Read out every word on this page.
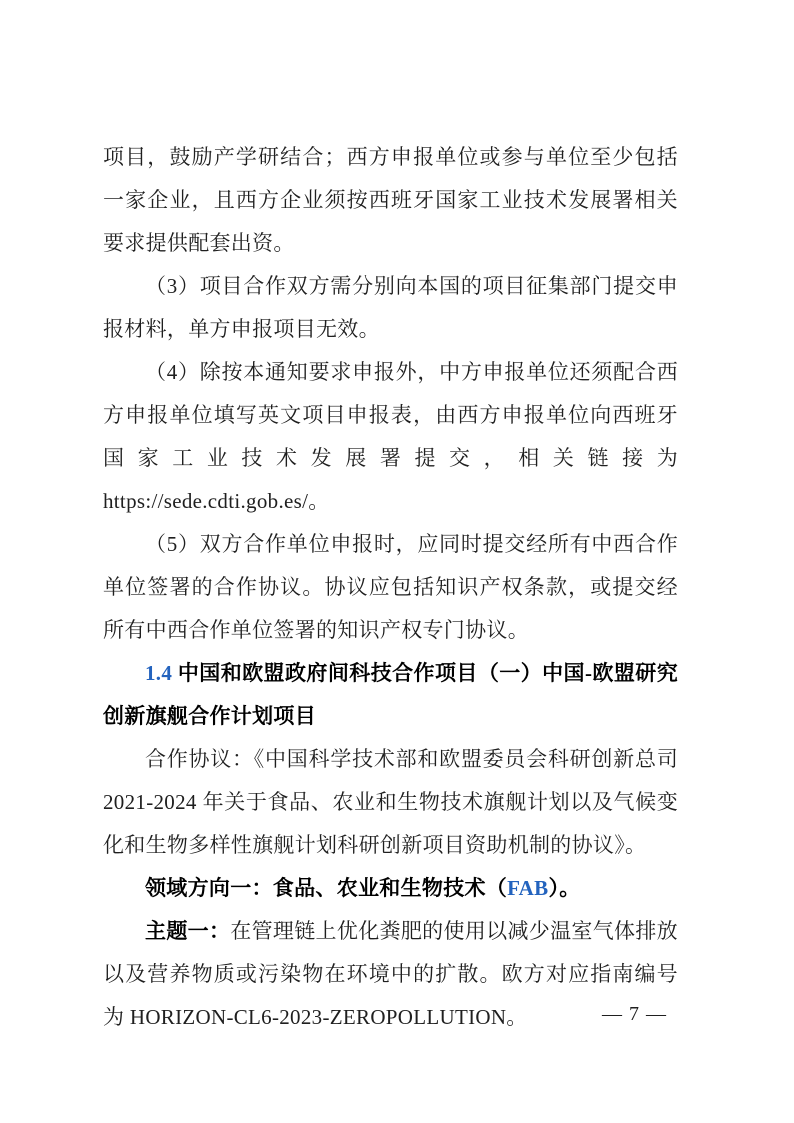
项目，鼓励产学研结合；西方申报单位或参与单位至少包括一家企业，且西方企业须按西班牙国家工业技术发展署相关要求提供配套出资。

（3）项目合作双方需分别向本国的项目征集部门提交申报材料，单方申报项目无效。

（4）除按本通知要求申报外，中方申报单位还须配合西方申报单位填写英文项目申报表，由西方申报单位向西班牙国家工业技术发展署提交，相关链接为 https://sede.cdti.gob.es/。

（5）双方合作单位申报时，应同时提交经所有中西合作单位签署的合作协议。协议应包括知识产权条款，或提交经所有中西合作单位签署的知识产权专门协议。

1.4 中国和欧盟政府间科技合作项目（一）中国-欧盟研究创新旗舰合作计划项目

合作协议：《中国科学技术部和欧盟委员会科研创新总司 2021-2024 年关于食品、农业和生物技术旗舰计划以及气候变化和生物多样性旗舰计划科研创新项目资助机制的协议》。

领域方向一：食品、农业和生物技术（FAB）。

主题一：在管理链上优化粪肥的使用以减少温室气体排放以及营养物质或污染物在环境中的扩散。欧方对应指南编号为 HORIZON-CL6-2023-ZEROPOLLUTION。	— 7 —
